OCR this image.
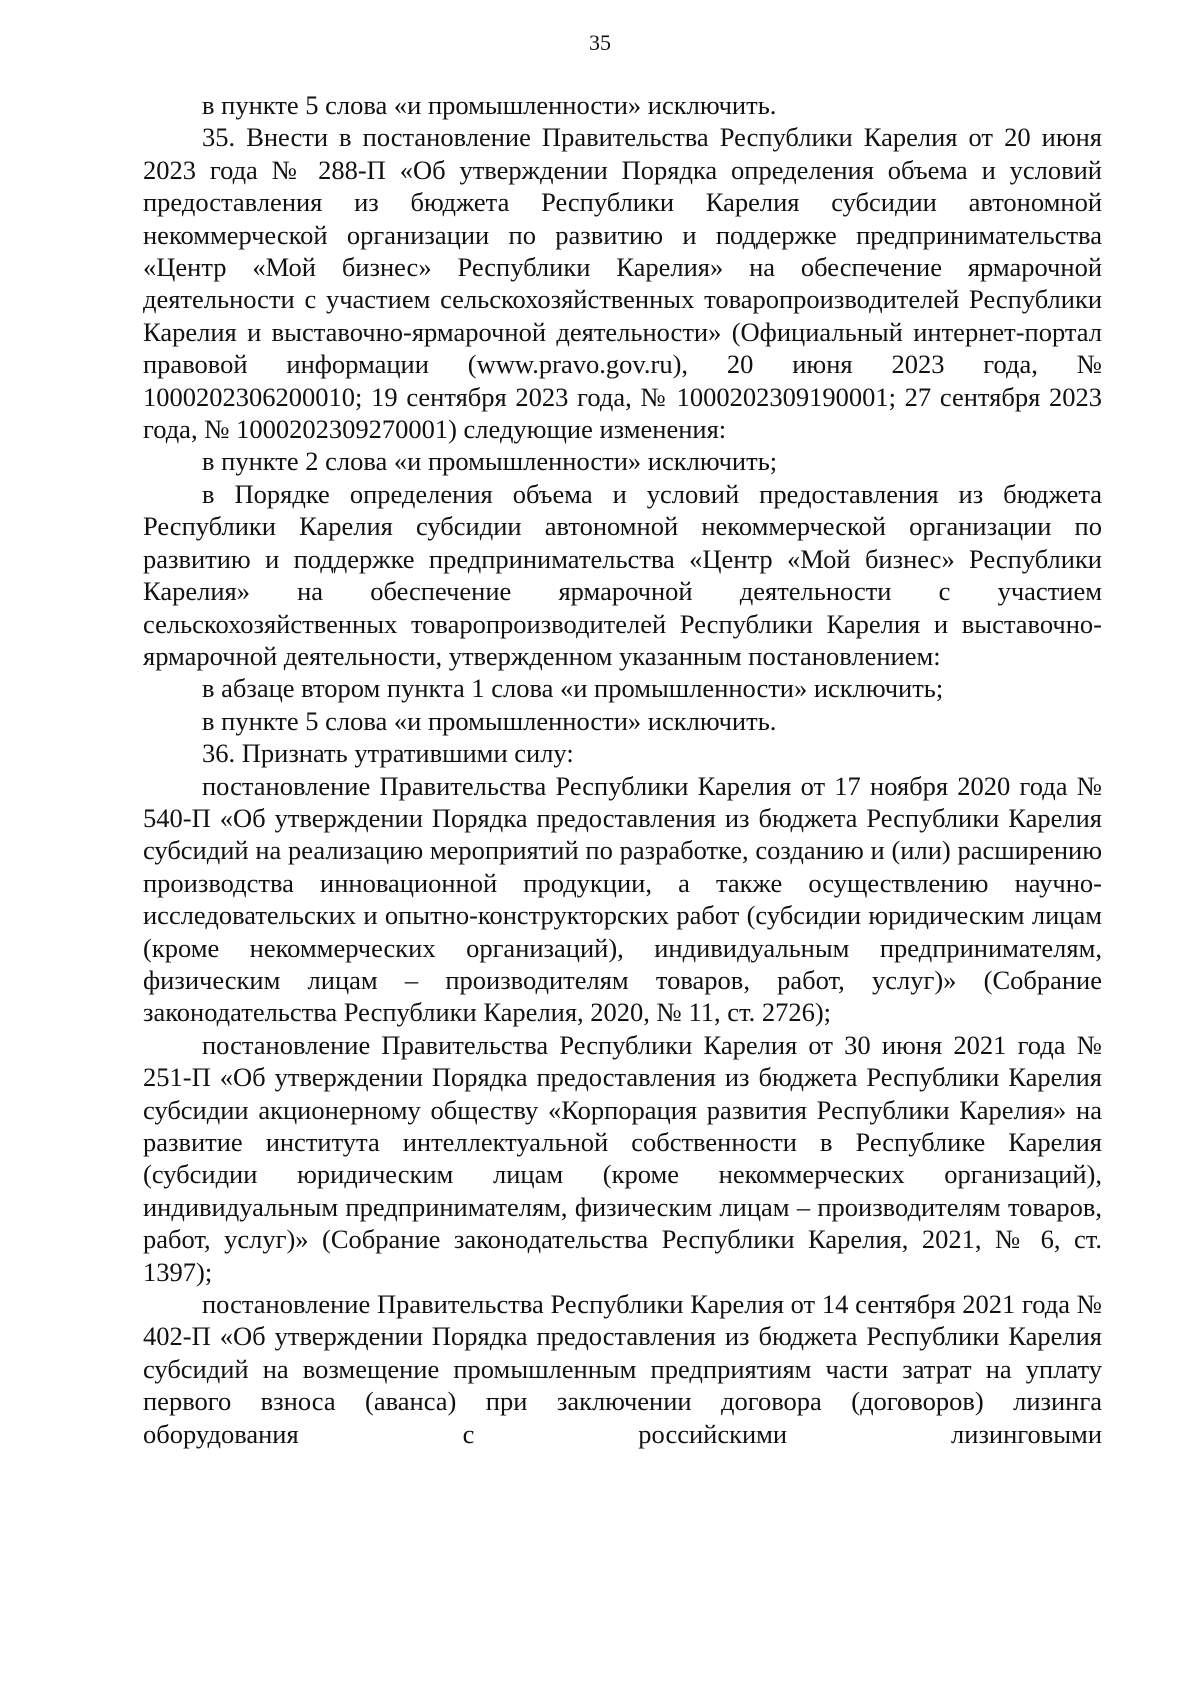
35

в пункте 5 слова «и промышленности» исключить.

35. Внести в постановление Правительства Республики Карелия от 20 июня 2023 года № 288-П «Об утверждении Порядка определения объема и условий предоставления из бюджета Республики Карелия субсидии автономной некоммерческой организации по развитию и поддержке предпринимательства «Центр «Мой бизнес» Республики Карелия» на обеспечение ярмарочной деятельности с участием сельскохозяйственных товаропроизводителей Республики Карелия и выставочно-ярмарочной деятельности» (Официальный интернет-портал правовой информации (www.pravo.gov.ru), 20 июня 2023 года, № 1000202306200010; 19 сентября 2023 года, № 1000202309190001; 27 сентября 2023 года, № 1000202309270001) следующие изменения:

в пункте 2 слова «и промышленности» исключить;

в Порядке определения объема и условий предоставления из бюджета Республики Карелия субсидии автономной некоммерческой организации по развитию и поддержке предпринимательства «Центр «Мой бизнес» Республики Карелия» на обеспечение ярмарочной деятельности с участием сельскохозяйственных товаропроизводителей Республики Карелия и выставочно-ярмарочной деятельности, утвержденном указанным постановлением:

в абзаце втором пункта 1 слова «и промышленности» исключить;

в пункте 5 слова «и промышленности» исключить.

36. Признать утратившими силу:

постановление Правительства Республики Карелия от 17 ноября 2020 года № 540-П «Об утверждении Порядка предоставления из бюджета Республики Карелия субсидий на реализацию мероприятий по разработке, созданию и (или) расширению производства инновационной продукции, а также осуществлению научно-исследовательских и опытно-конструкторских работ (субсидии юридическим лицам (кроме некоммерческих организаций), индивидуальным предпринимателям, физическим лицам – производителям товаров, работ, услуг)» (Собрание законодательства Республики Карелия, 2020, № 11, ст. 2726);

постановление Правительства Республики Карелия от 30 июня 2021 года № 251-П «Об утверждении Порядка предоставления из бюджета Республики Карелия субсидии акционерному обществу «Корпорация развития Республики Карелия» на развитие института интеллектуальной собственности в Республике Карелия (субсидии юридическим лицам (кроме некоммерческих организаций), индивидуальным предпринимателям, физическим лицам – производителям товаров, работ, услуг)» (Собрание законодательства Республики Карелия, 2021, № 6, ст. 1397);

постановление Правительства Республики Карелия от 14 сентября 2021 года № 402-П «Об утверждении Порядка предоставления из бюджета Республики Карелия субсидий на возмещение промышленным предприятиям части затрат на уплату первого взноса (аванса) при заключении договора (договоров) лизинга оборудования с российскими лизинговыми
